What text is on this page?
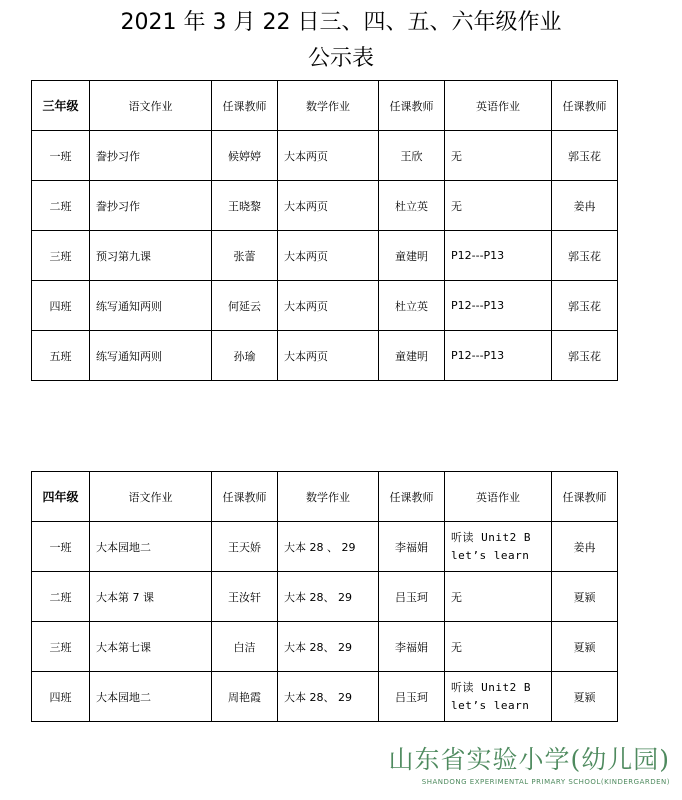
2021 年 3 月 22 日三、四、五、六年级作业
公示表
三年级	语文作业	任课教师	数学作业	任课教师	英语作业	任课教师
一班	誊抄习作	候婷婷	大本两页	王欣	无	郭玉花
二班	誊抄习作	王晓黎	大本两页	杜立英	无	姜冉
三班	预习第九课	张蕾	大本两页	童建明	P12---P13	郭玉花
四班	练写通知两则	何延云	大本两页	杜立英	P12---P13	郭玉花
五班	练写通知两则	孙瑜	大本两页	童建明	P12---P13	郭玉花
四年级	语文作业	任课教师	数学作业	任课教师	英语作业	任课教师
一班	大本园地二	王天娇	大本 28 、 29	李福娟	听读 Unit2 B let’s learn	姜冉
二班	大本第 7 课	王汝轩	大本 28、 29	吕玉珂	无	夏颍
三班	大本第七课	白洁	大本 28、 29	李福娟	无	夏颍
四班	大本园地二	周艳霞	大本 28、 29	吕玉珂	听读 Unit2 B let’s learn	夏颍
山东省实验小学(幼儿园)
SHANDONG EXPERIMENTAL PRIMARY SCHOOL(KINDERGARDEN)
